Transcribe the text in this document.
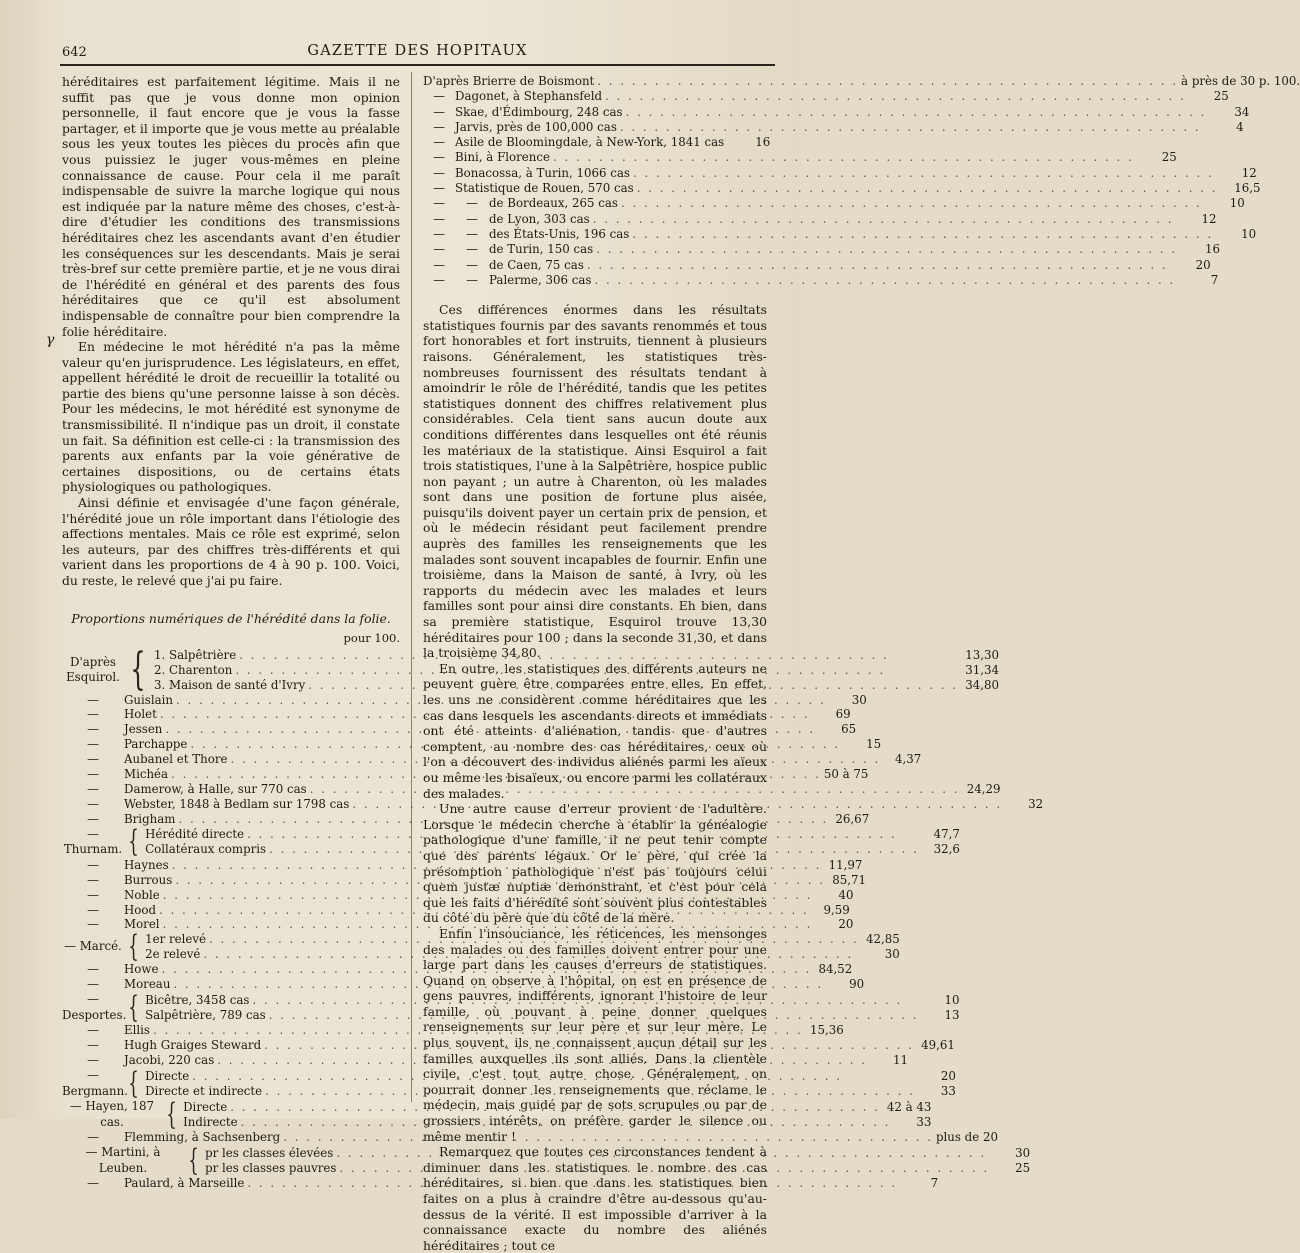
642	GAZETTE DES HOPITAUX
γ

héréditaires est parfaitement légitime. Mais il ne suffit pas que je vous donne mon opinion personnelle, il faut encore que je vous la fasse partager, et il importe que je vous mette au préalable sous les yeux toutes les pièces du procès afin que vous puissiez le juger vous-mêmes en pleine connaissance de cause. Pour cela il me paraît indispensable de suivre la marche logique qui nous est indiquée par la nature même des choses, c'est-à-dire d'étudier les conditions des transmissions héréditaires chez les ascendants avant d'en étudier les conséquences sur les descendants. Mais je serai très-bref sur cette première partie, et je ne vous dirai de l'hérédité en général et des parents des fous héréditaires que ce qu'il est absolument indispensable de connaître pour bien comprendre la folie héréditaire.

En médecine le mot hérédité n'a pas la même valeur qu'en jurisprudence. Les législateurs, en effet, appellent hérédité le droit de recueillir la totalité ou partie des biens qu'une personne laisse à son décès. Pour les médecins, le mot hérédité est synonyme de transmissibilité. Il n'indique pas un droit, il constate un fait. Sa définition est celle-ci : la transmission des parents aux enfants par la voie générative de certaines dispositions, ou de certains états physiologiques ou pathologiques.

Ainsi définie et envisagée d'une façon générale, l'hérédité joue un rôle important dans l'étiologie des affections mentales. Mais ce rôle est exprimé, selon les auteurs, par des chiffres très-différents et qui varient dans les proportions de 4 à 90 p. 100. Voici, du reste, le relevé que j'ai pu faire.

Proportions numériques de l'hérédité dans la folie.
pour 100.
D'après Esquirol. { 1. Salpêtrière . . .	13,30
2. Charenton . . .	31,34
3. Maison de santé d'Ivry . . .	34,80
—	Guislain . . .	30
—	Holet . . .	69
—	Jessen . . .	65
—	Parchappe . . .	15
—	Aubanel et Thore . . .	4,37
—	Michéa . . .	50 à 75
—	Damerow, à Halle, sur 770 cas . . .	24,29
—	Webster, 1848 à Bedlam sur 1798 cas . . .	32
—	Brigham . . .	26,67
— Thurnam. { Hérédité directe . . .	47,7
Collatéraux compris . . .	32,6
—	Haynes . . .	11,97
—	Burrous . . .	85,71
—	Noble . . .	40
—	Hood . . .	9,59
—	Morel . . .	20
— Marcé. { 1er relevé . . .	42,85
2e relevé . . .	30
—	Howe . . .	84,52
—	Moreau . . .	90
— Desportes. { Bicêtre, 3458 cas . . .	10
Salpêtrière, 789 cas . . .	13
—	Ellis . . .	15,36
—	Hugh Graiges Steward . . .	49,61
—	Jacobi, 220 cas . . .	11
— Bergmann. { Directe . . .	20
Directe et indirecte . . .	33
— Hayen, 187 cas.	{ Directe . . .	42 à 43
Indirecte . . .	33
—	Flemming, à Sachsenberg . . .	plus de 20
— Martini, à Leuben.	{ pr les classes élevées . . .	30
pr les classes pauvres . . .	25
—	Paulard, à Marseille . . .	7
D'après Brierre de Boismont . . .	à près de 30 p. 100.
— Dagonet, à Stephansfeld . . .	25
— Skae, d'Édimbourg, 248 cas . . .	34
— Jarvis, près de 100,000 cas . . .	4
— Asile de Bloomingdale, à New-York, 1841 cas	16
— Bini, à Florence . . .	25
— Bonacossa, à Turin, 1066 cas . . .	12
— Statistique de Rouen, 570 cas . . .	16,5
—	— de Bordeaux, 265 cas . . .	10
—	— de Lyon, 303 cas . . .	12
—	— des États-Unis, 196 cas . . .	10
—	— de Turin, 150 cas . . .	16
—	— de Caen, 75 cas . . .	20
—	— Palerme, 306 cas . . .	7

Ces différences énormes dans les résultats statistiques fournis par des savants renommés et tous fort honorables et fort instruits, tiennent à plusieurs raisons. Généralement, les statistiques très-nombreuses fournissent des résultats tendant à amoindrir le rôle de l'hérédité, tandis que les petites statistiques donnent des chiffres relativement plus considérables. Cela tient sans aucun doute aux conditions différentes dans lesquelles ont été réunis les matériaux de la statistique. Ainsi Esquirol a fait trois statistiques, l'une à la Salpêtrière, hospice public non payant ; un autre à Charenton, où les malades sont dans une position de fortune plus aisée, puisqu'ils doivent payer un certain prix de pension, et où le médecin résidant peut facilement prendre auprès des familles les renseignements que les malades sont souvent incapables de fournir. Enfin une troisième, dans la Maison de santé, à Ivry, où les rapports du médecin avec les malades et leurs familles sont pour ainsi dire constants. Eh bien, dans sa première statistique, Esquirol trouve 13,30 héréditaires pour 100 ; dans la seconde 31,30, et dans la troisième 34,80.

En outre, les statistiques des différents auteurs ne peuvent guère être comparées entre elles. En effet, les uns ne considèrent comme héréditaires que les cas dans lesquels les ascendants directs et immédiats ont été atteints d'aliénation, tandis que d'autres comptent, au nombre des cas héréditaires, ceux où l'on a découvert des individus aliénés parmi les aïeux ou même les bisaïeux, ou encore parmi les collatéraux des malades.

Une autre cause d'erreur provient de l'adultère. Lorsque le médecin cherche à établir la généalogie pathologique d'une famille, il ne peut tenir compte que des parents légaux. Or le père, qui crée la présomption pathologique n'est pas toujours celui quem justæ nuptiæ demonstrant, et c'est pour cela que les faits d'hérédité sont souvent plus contestables du côté du père que du côté de la mère.

Enfin l'insouciance, les réticences, les mensonges des malades ou des familles doivent entrer pour une large part dans les causes d'erreurs de statistiques. Quand on observe à l'hôpital, on est en présence de gens pauvres, indifférents, ignorant l'histoire de leur famille, où pouvant à peine donner quelques renseignements sur leur père et sur leur mère. Le plus souvent, ils ne connaissent aucun détail sur les familles auxquelles ils sont alliés. Dans la clientèle civile, c'est tout autre chose. Généralement, on pourrait donner les renseignements que réclame le médecin, mais guidé par de sots scrupules ou par de grossiers intérêts, on préfère garder le silence ou même mentir !

Remarquez que toutes ces circonstances tendent à diminuer dans les statistiques le nombre des cas héréditaires, si bien que dans les statistiques bien faites on a plus à craindre d'être au-dessous qu'au-dessus de la vérité. Il est impossible d'arriver à la connaissance exacte du nombre des aliénés héréditaires ; tout ce
